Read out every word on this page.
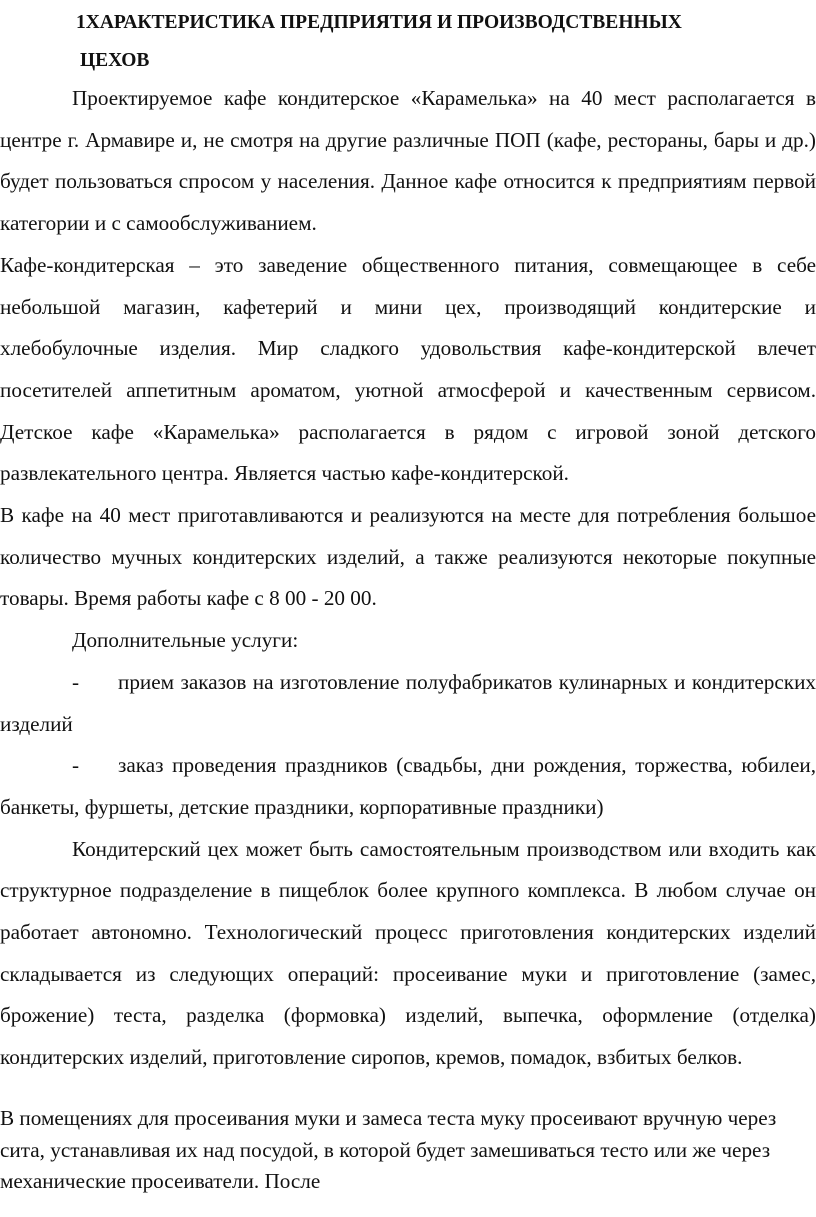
1ХАРАКТЕРИСТИКА ПРЕДПРИЯТИЯ И ПРОИЗВОДСТВЕННЫХ
ЦЕХОВ

Проектируемое кафе кондитерское «Карамелька» на 40 мест располагается в центре г. Армавире и, не смотря на другие различные ПОП (кафе, рестораны, бары и др.) будет пользоваться спросом у населения. Данное кафе относится к предприятиям первой категории и с самообслуживанием.

Кафе-кондитерская – это заведение общественного питания, совмещающее в себе небольшой магазин, кафетерий и мини цех, производящий кондитерские и хлебобулочные изделия. Мир сладкого удовольствия кафе-кондитерской влечет посетителей аппетитным ароматом, уютной атмосферой и качественным сервисом. Детское кафе «Карамелька» располагается в рядом с игровой зоной детского развлекательного центра. Является частью кафе-кондитерской.

В кафе на 40 мест приготавливаются и реализуются на месте для потребления большое количество мучных кондитерских изделий, а также реализуются некоторые покупные товары. Время работы кафе с 8 00 - 20 00.

Дополнительные услуги:

- прием заказов на изготовление полуфабрикатов кулинарных и кондитерских изделий

- заказ проведения праздников (свадьбы, дни рождения, торжества, юбилеи, банкеты, фуршеты, детские праздники, корпоративные праздники)

Кондитерский цех может быть самостоятельным производством или входить как структурное подразделение в пищеблок более крупного комплекса. В любом случае он работает автономно. Технологический процесс приготовления кондитерских изделий складывается из следующих операций: просеивание муки и приготовление (замес, брожение) теста, разделка (формовка) изделий, выпечка, оформление (отделка) кондитерских изделий, приготовление сиропов, кремов, помадок, взбитых белков.

В помещениях для просеивания муки и замеса теста муку просеивают вручную через сита, устанавливая их над посудой, в которой будет замешиваться тесто или же через механические просеиватели. После
